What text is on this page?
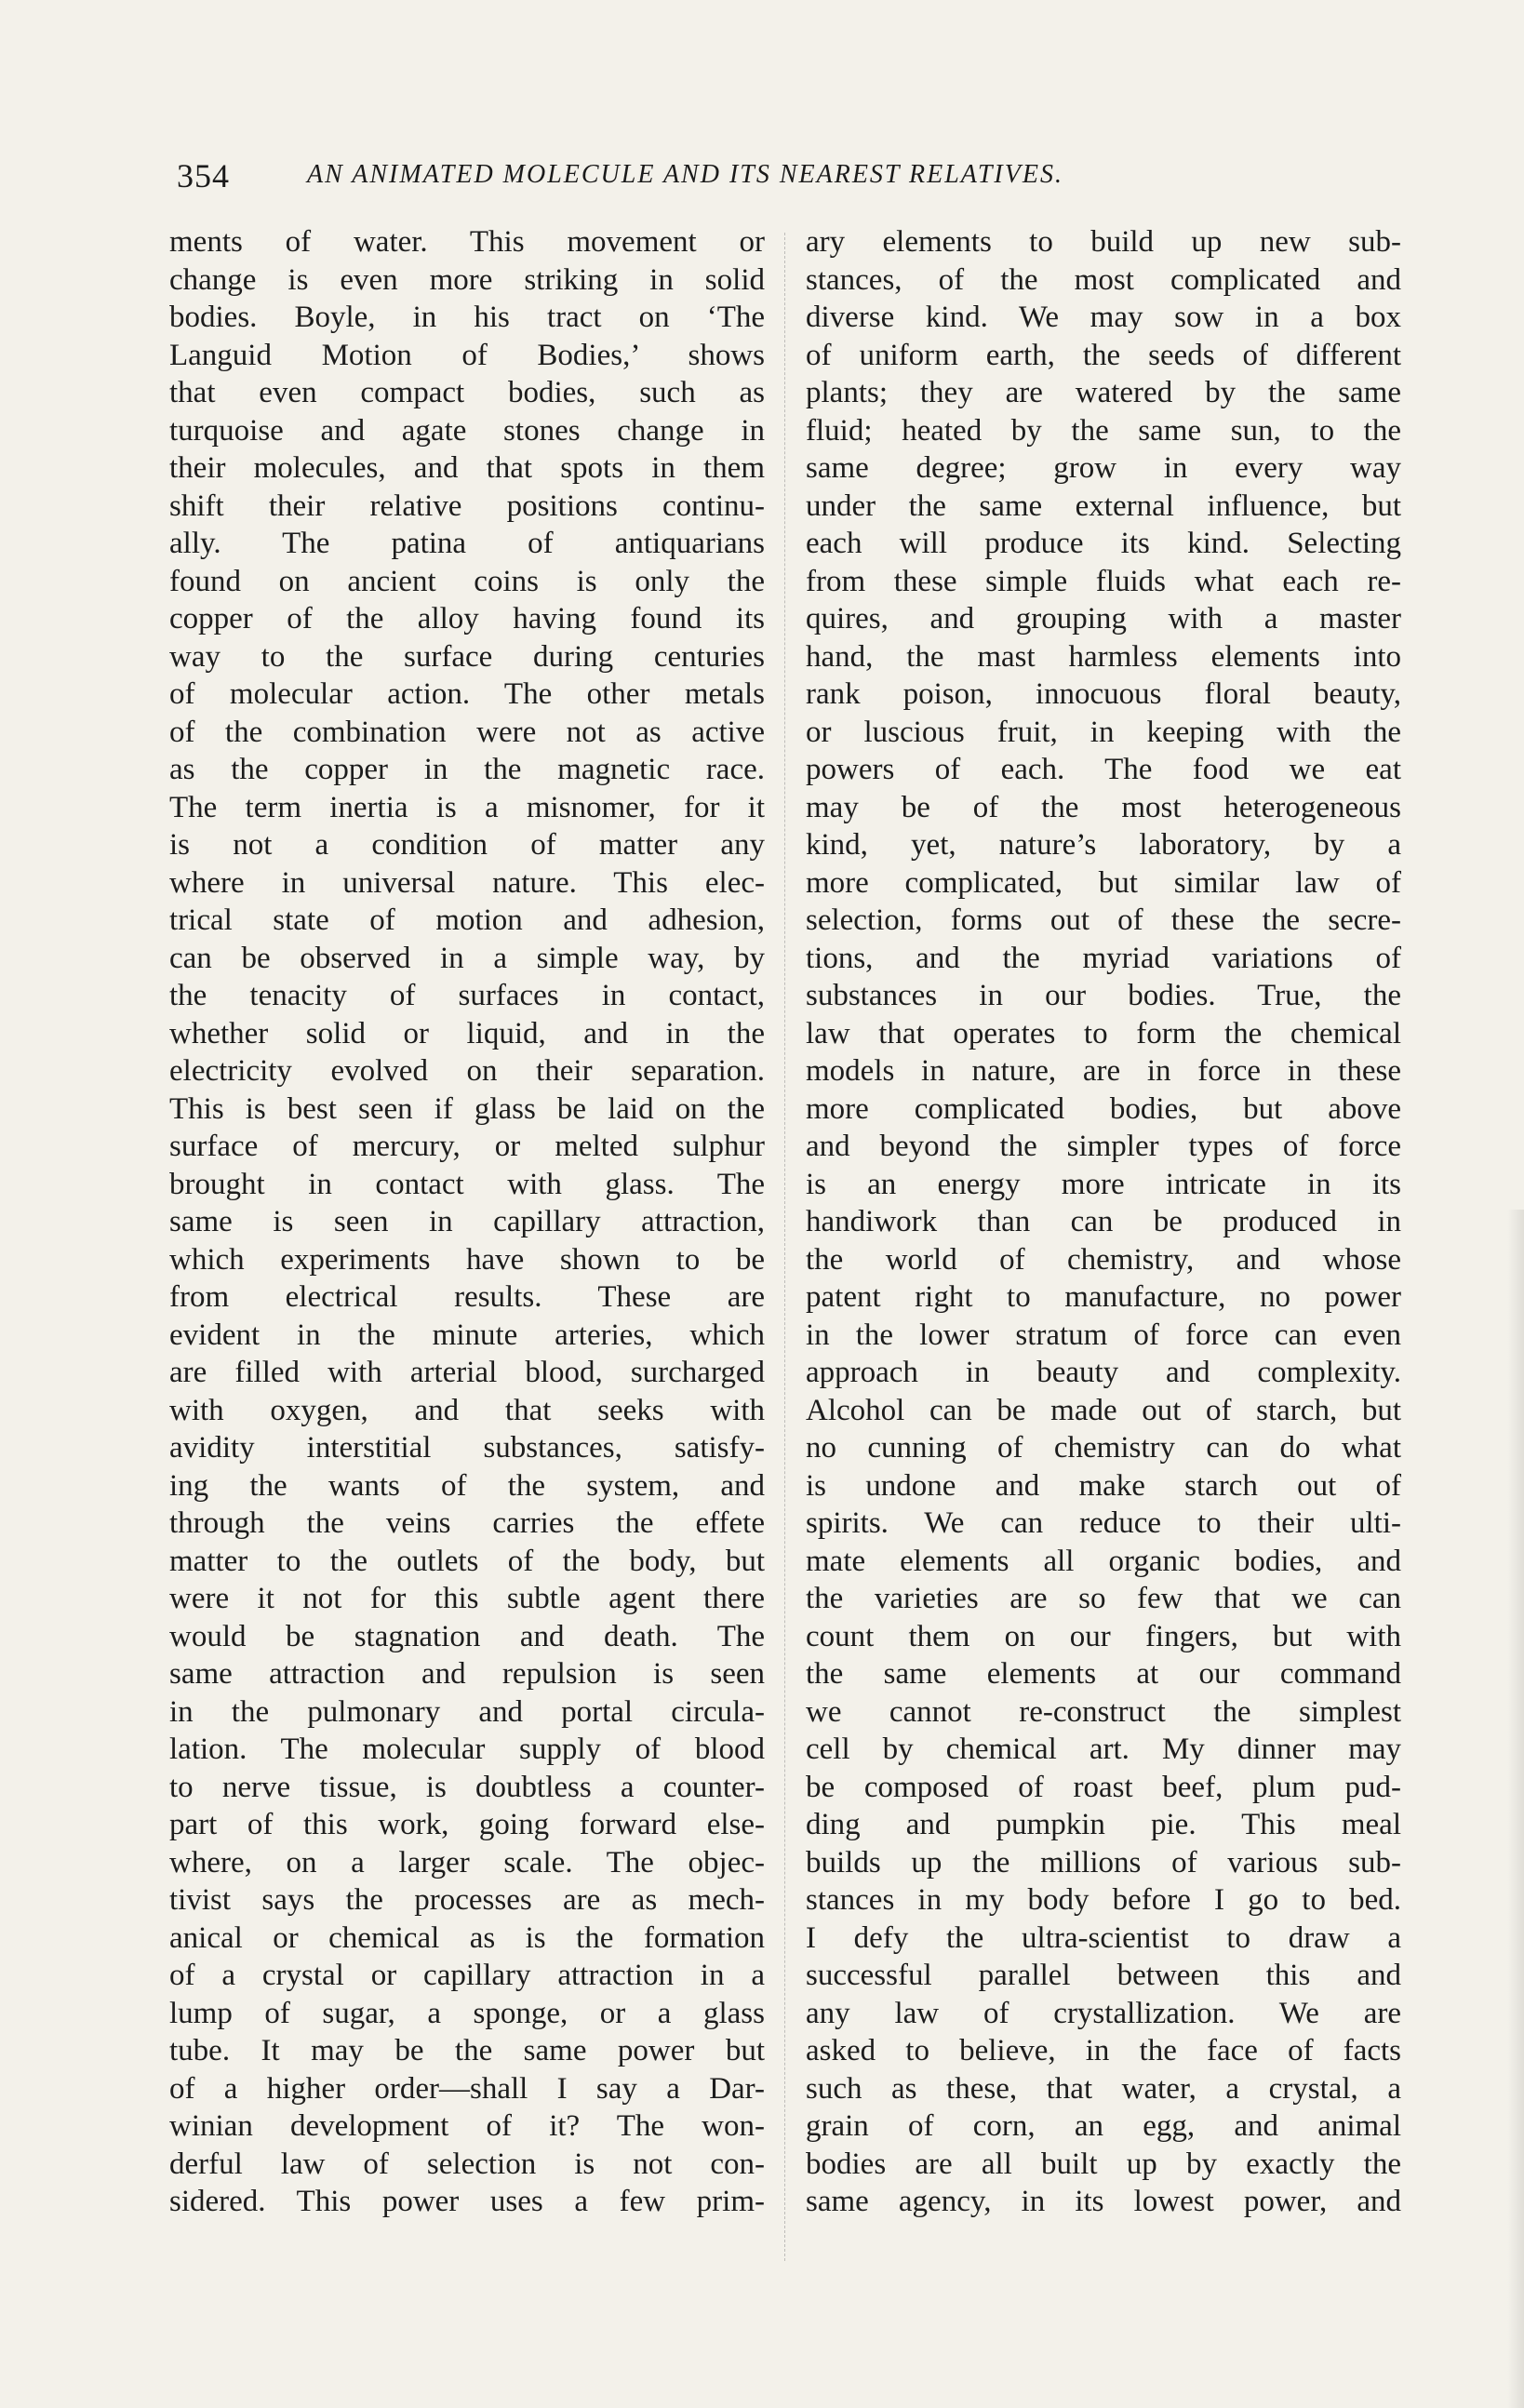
354	AN ANIMATED MOLECULE AND ITS NEAREST RELATIVES.
ments of water. This movement or
change is even more striking in solid
bodies. Boyle, in his tract on ‘The
Languid Motion of Bodies,’ shows
that even compact bodies, such as
turquoise and agate stones change in
their molecules, and that spots in them
shift their relative positions continu-
ally. The patina of antiquarians
found on ancient coins is only the
copper of the alloy having found its
way to the surface during centuries
of molecular action. The other metals
of the combination were not as active
as the copper in the magnetic race.
The term inertia is a misnomer, for it
is not a condition of matter any
where in universal nature. This elec-
trical state of motion and adhesion,
can be observed in a simple way, by
the tenacity of surfaces in contact,
whether solid or liquid, and in the
electricity evolved on their separation.
This is best seen if glass be laid on the
surface of mercury, or melted sulphur
brought in contact with glass. The
same is seen in capillary attraction,
which experiments have shown to be
from electrical results. These are
evident in the minute arteries, which
are filled with arterial blood, surcharged
with oxygen, and that seeks with
avidity interstitial substances, satisfy-
ing the wants of the system, and
through the veins carries the effete
matter to the outlets of the body, but
were it not for this subtle agent there
would be stagnation and death. The
same attraction and repulsion is seen
in the pulmonary and portal circula-
lation. The molecular supply of blood
to nerve tissue, is doubtless a counter-
part of this work, going forward else-
where, on a larger scale. The objec-
tivist says the processes are as mech-
anical or chemical as is the formation
of a crystal or capillary attraction in a
lump of sugar, a sponge, or a glass
tube. It may be the same power but
of a higher order—shall I say a Dar-
winian development of it? The won-
derful law of selection is not con-
sidered. This power uses a few prim-
ary elements to build up new sub-
stances, of the most complicated and
diverse kind. We may sow in a box
of uniform earth, the seeds of different
plants; they are watered by the same
fluid; heated by the same sun, to the
same degree; grow in every way
under the same external influence, but
each will produce its kind. Selecting
from these simple fluids what each re-
quires, and grouping with a master
hand, the mast harmless elements into
rank poison, innocuous floral beauty,
or luscious fruit, in keeping with the
powers of each. The food we eat
may be of the most heterogeneous
kind, yet, nature’s laboratory, by a
more complicated, but similar law of
selection, forms out of these the secre-
tions, and the myriad variations of
substances in our bodies. True, the
law that operates to form the chemical
models in nature, are in force in these
more complicated bodies, but above
and beyond the simpler types of force
is an energy more intricate in its
handiwork than can be produced in
the world of chemistry, and whose
patent right to manufacture, no power
in the lower stratum of force can even
approach in beauty and complexity.
Alcohol can be made out of starch, but
no cunning of chemistry can do what
is undone and make starch out of
spirits. We can reduce to their ulti-
mate elements all organic bodies, and
the varieties are so few that we can
count them on our fingers, but with
the same elements at our command
we cannot re-construct the simplest
cell by chemical art. My dinner may
be composed of roast beef, plum pud-
ding and pumpkin pie. This meal
builds up the millions of various sub-
stances in my body before I go to bed.
I defy the ultra-scientist to draw a
successful parallel between this and
any law of crystallization. We are
asked to believe, in the face of facts
such as these, that water, a crystal, a
grain of corn, an egg, and animal
bodies are all built up by exactly the
same agency, in its lowest power, and
